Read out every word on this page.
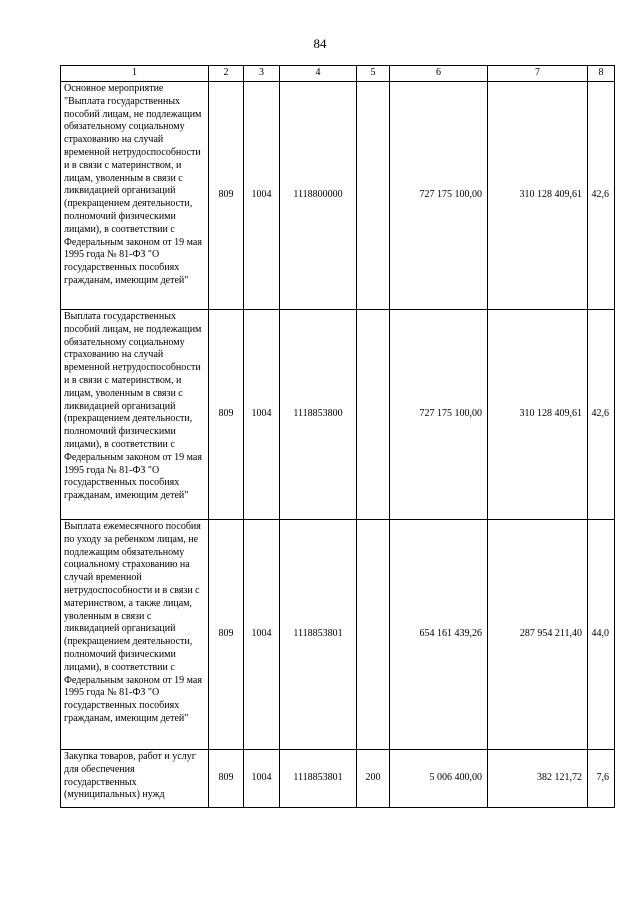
84
1	2	3	4	5	6	7	8
Основное мероприятие "Выплата государственных пособий лицам, не подлежащим обязательному социальному страхованию на случай временной нетрудоспособности и в связи с материнством, и лицам, уволенным в связи с ликвидацией организаций (прекращением деятельности, полномочий физическими лицами), в соответствии с Федеральным законом от 19 мая 1995 года № 81-ФЗ "О государственных пособиях гражданам, имеющим детей"	809	1004	1118800000		727 175 100,00	310 128 409,61	42,6
Выплата государственных пособий лицам, не подлежащим обязательному социальному страхованию на случай временной нетрудоспособности и в связи с материнством, и лицам, уволенным в связи с ликвидацией организаций (прекращением деятельности, полномочий физическими лицами), в соответствии с Федеральным законом от 19 мая 1995 года № 81-ФЗ "О государственных пособиях гражданам, имеющим детей"	809	1004	1118853800		727 175 100,00	310 128 409,61	42,6
Выплата ежемесячного пособия по уходу за ребенком лицам, не подлежащим обязательному социальному страхованию на случай временной нетрудоспособности и в связи с материнством, а также лицам, уволенным в связи с ликвидацией организаций (прекращением деятельности, полномочий физическими лицами), в соответствии с Федеральным законом от 19 мая 1995 года № 81-ФЗ "О государственных пособиях гражданам, имеющим детей"	809	1004	1118853801		654 161 439,26	287 954 211,40	44,0
Закупка товаров, работ и услуг для обеспечения государственных (муниципальных) нужд	809	1004	1118853801	200	5 006 400,00	382 121,72	7,6
